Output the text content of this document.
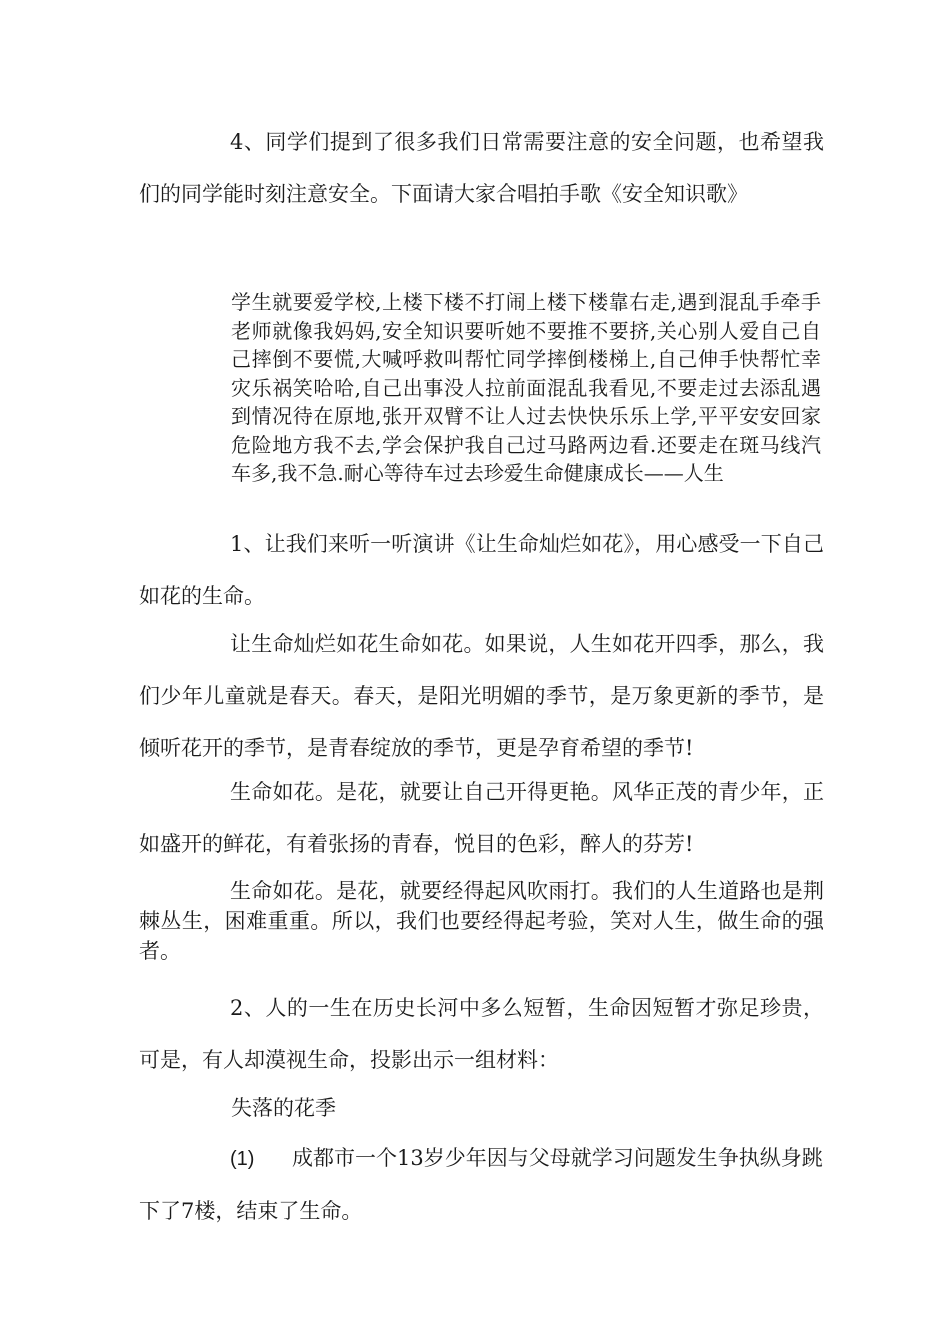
4、同学们提到了很多我们日常需要注意的安全问题，也希望我们的同学能时刻注意安全。下面请大家合唱拍手歌《安全知识歌》

学生就要爱学校,上楼下楼不打闹上楼下楼靠右走,遇到混乱手牵手老师就像我妈妈,安全知识要听她不要推不要挤,关心别人爱自己自己摔倒不要慌,大喊呼救叫帮忙同学摔倒楼梯上,自己伸手快帮忙幸灾乐祸笑哈哈,自己出事没人拉前面混乱我看见,不要走过去添乱遇到情况待在原地,张开双臂不让人过去快快乐乐上学,平平安安回家危险地方我不去,学会保护我自己过马路两边看.还要走在斑马线汽车多,我不急.耐心等待车过去珍爱生命健康成长——人生

1、让我们来听一听演讲《让生命灿烂如花》，用心感受一下自己如花的生命。

让生命灿烂如花生命如花。如果说，人生如花开四季，那么，我们少年儿童就是春天。春天，是阳光明媚的季节，是万象更新的季节，是倾听花开的季节，是青春绽放的季节，更是孕育希望的季节!

生命如花。是花，就要让自己开得更艳。风华正茂的青少年，正如盛开的鲜花，有着张扬的青春，悦目的色彩，醉人的芬芳!

生命如花。是花，就要经得起风吹雨打。我们的人生道路也是荆棘丛生，困难重重。所以，我们也要经得起考验，笑对人生，做生命的强者。

2、人的一生在历史长河中多么短暂，生命因短暂才弥足珍贵，可是，有人却漠视生命，投影出示一组材料：

失落的花季

(1) 成都市一个13岁少年因与父母就学习问题发生争执纵身跳下了7楼，结束了生命。
